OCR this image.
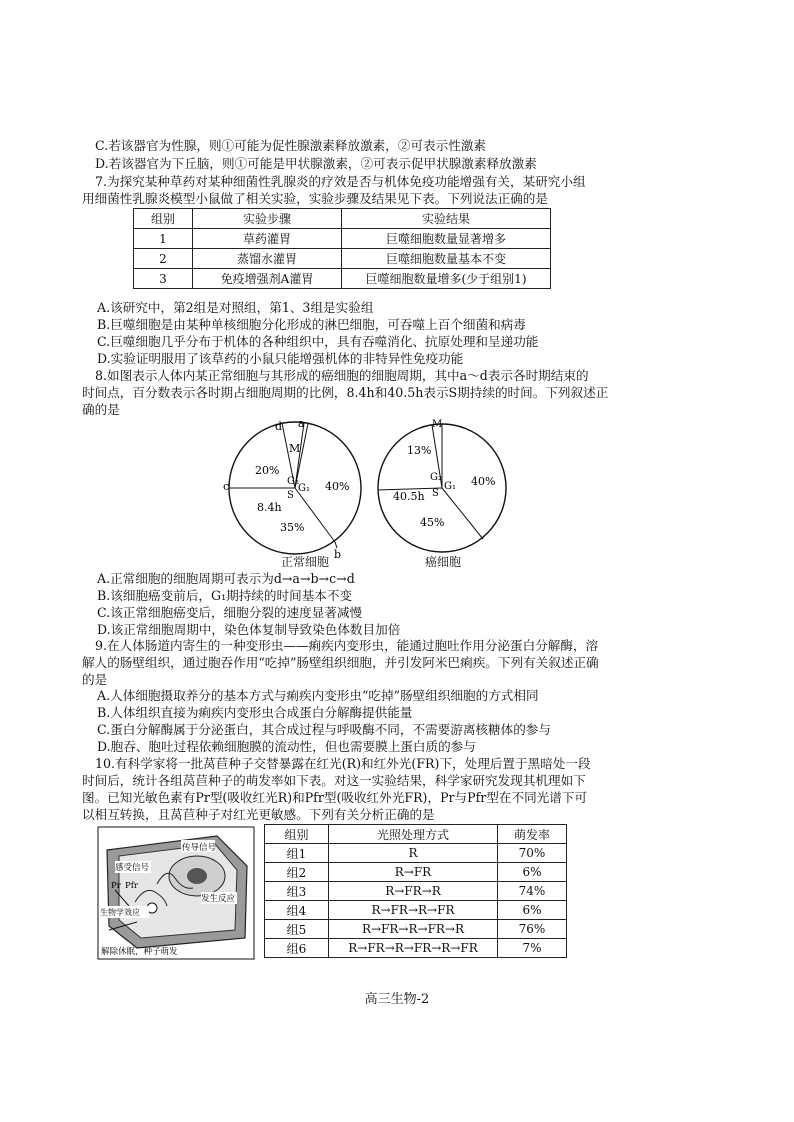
C.若该器官为性腺，则①可能为促性腺激素释放激素，②可表示性激素
D.若该器官为下丘脑，则①可能是甲状腺激素，②可表示促甲状腺激素释放激素
7.为探究某种草药对某种细菌性乳腺炎的疗效是否与机体免疫功能增强有关，某研究小组
用细菌性乳腺炎模型小鼠做了相关实验，实验步骤及结果见下表。下列说法正确的是
组别	实验步骤	实验结果
1	草药灌胃	巨噬细胞数量显著增多
2	蒸馏水灌胃	巨噬细胞数量基本不变
3	免疫增强剂A灌胃	巨噬细胞数量增多(少于组别1)
A.该研究中，第2组是对照组，第1、3组是实验组
B.巨噬细胞是由某种单核细胞分化形成的淋巴细胞，可吞噬上百个细菌和病毒
C.巨噬细胞几乎分布于机体的各种组织中，具有吞噬消化、抗原处理和呈递功能
D.实验证明服用了该草药的小鼠只能增强机体的非特异性免疫功能
8.如图表示人体内某正常细胞与其形成的癌细胞的细胞周期，其中a～d表示各时期结束的
时间点，百分数表示各时期占细胞周期的比例，8.4h和40.5h表示S期持续的时间。下列叙述正
确的是
d a
M
20%
40%
c	G₂
G₁
S
8.4h
35%
b
M
13%
40%
G₂
G₁
S
40.5h
45%
正常细胞	癌细胞
A.正常细胞的细胞周期可表示为d→a→b→c→d
B.该细胞癌变前后，G₁期持续的时间基本不变
C.该正常细胞癌变后，细胞分裂的速度显著减慢
D.该正常细胞周期中，染色体复制导致染色体数目加倍
9.在人体肠道内寄生的一种变形虫——痢疾内变形虫，能通过胞吐作用分泌蛋白分解酶，溶
解人的肠壁组织，通过胞吞作用“吃掉”肠壁组织细胞，并引发阿米巴痢疾。下列有关叙述正确
的是
A.人体细胞摄取养分的基本方式与痢疾内变形虫“吃掉”肠壁组织细胞的方式相同
B.人体组织直接为痢疾内变形虫合成蛋白分解酶提供能量
C.蛋白分解酶属于分泌蛋白，其合成过程与呼吸酶不同，不需要游离核糖体的参与
D.胞吞、胞吐过程依赖细胞膜的流动性，但也需要膜上蛋白质的参与
10.有科学家将一批莴苣种子交替暴露在红光(R)和红外光(FR)下，处理后置于黑暗处一段
时间后，统计各组莴苣种子的萌发率如下表。对这一实验结果，科学家研究发现其机理如下
图。已知光敏色素有Pr型(吸收红光R)和Pfr型(吸收红外光FR)，Pr与Pfr型在不同光谱下可
以相互转换，且莴苣种子对红光更敏感。下列有关分析正确的是
传导信号
感受信号
Pr Pfr
发生反应
生物学效应
解除休眠，种子萌发
组别	光照处理方式	萌发率
组1	R	70%
组2	R→FR	6%
组3	R→FR→R	74%
组4	R→FR→R→FR	6%
组5	R→FR→R→FR→R	76%
组6	R→FR→R→FR→R→FR	7%
高三生物-2
